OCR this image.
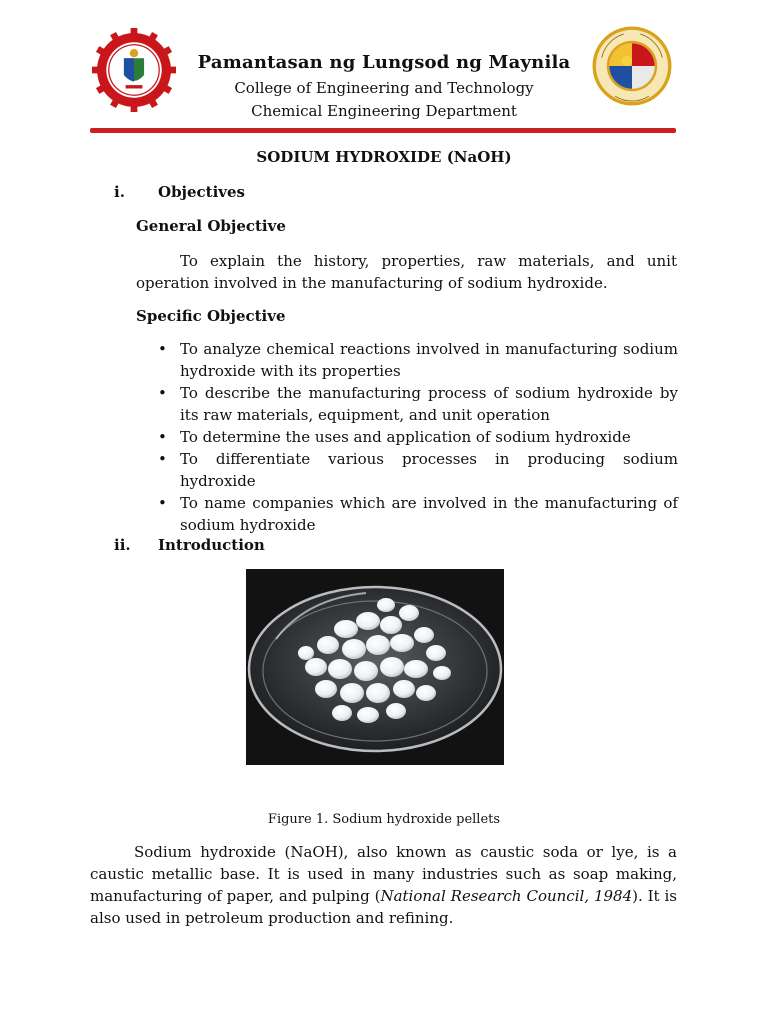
Pamantasan ng Lungsod ng Maynila
College of Engineering and Technology
Chemical Engineering Department
SODIUM HYDROXIDE (NaOH)
i. Objectives
General Objective
To explain the history, properties, raw materials, and unit operation involved in the manufacturing of sodium hydroxide.
Specific Objective
• To analyze chemical reactions involved in manufacturing sodium hydroxide with its properties
• To describe the manufacturing process of sodium hydroxide by its raw materials, equipment, and unit operation
• To determine the uses and application of sodium hydroxide
• To differentiate various processes in producing sodium hydroxide
• To name companies which are involved in the manufacturing of sodium hydroxide
ii. Introduction
Figure 1. Sodium hydroxide pellets
Sodium hydroxide (NaOH), also known as caustic soda or lye, is a caustic metallic base. It is used in many industries such as soap making, manufacturing of paper, and pulping (National Research Council, 1984). It is also used in petroleum production and refining.
